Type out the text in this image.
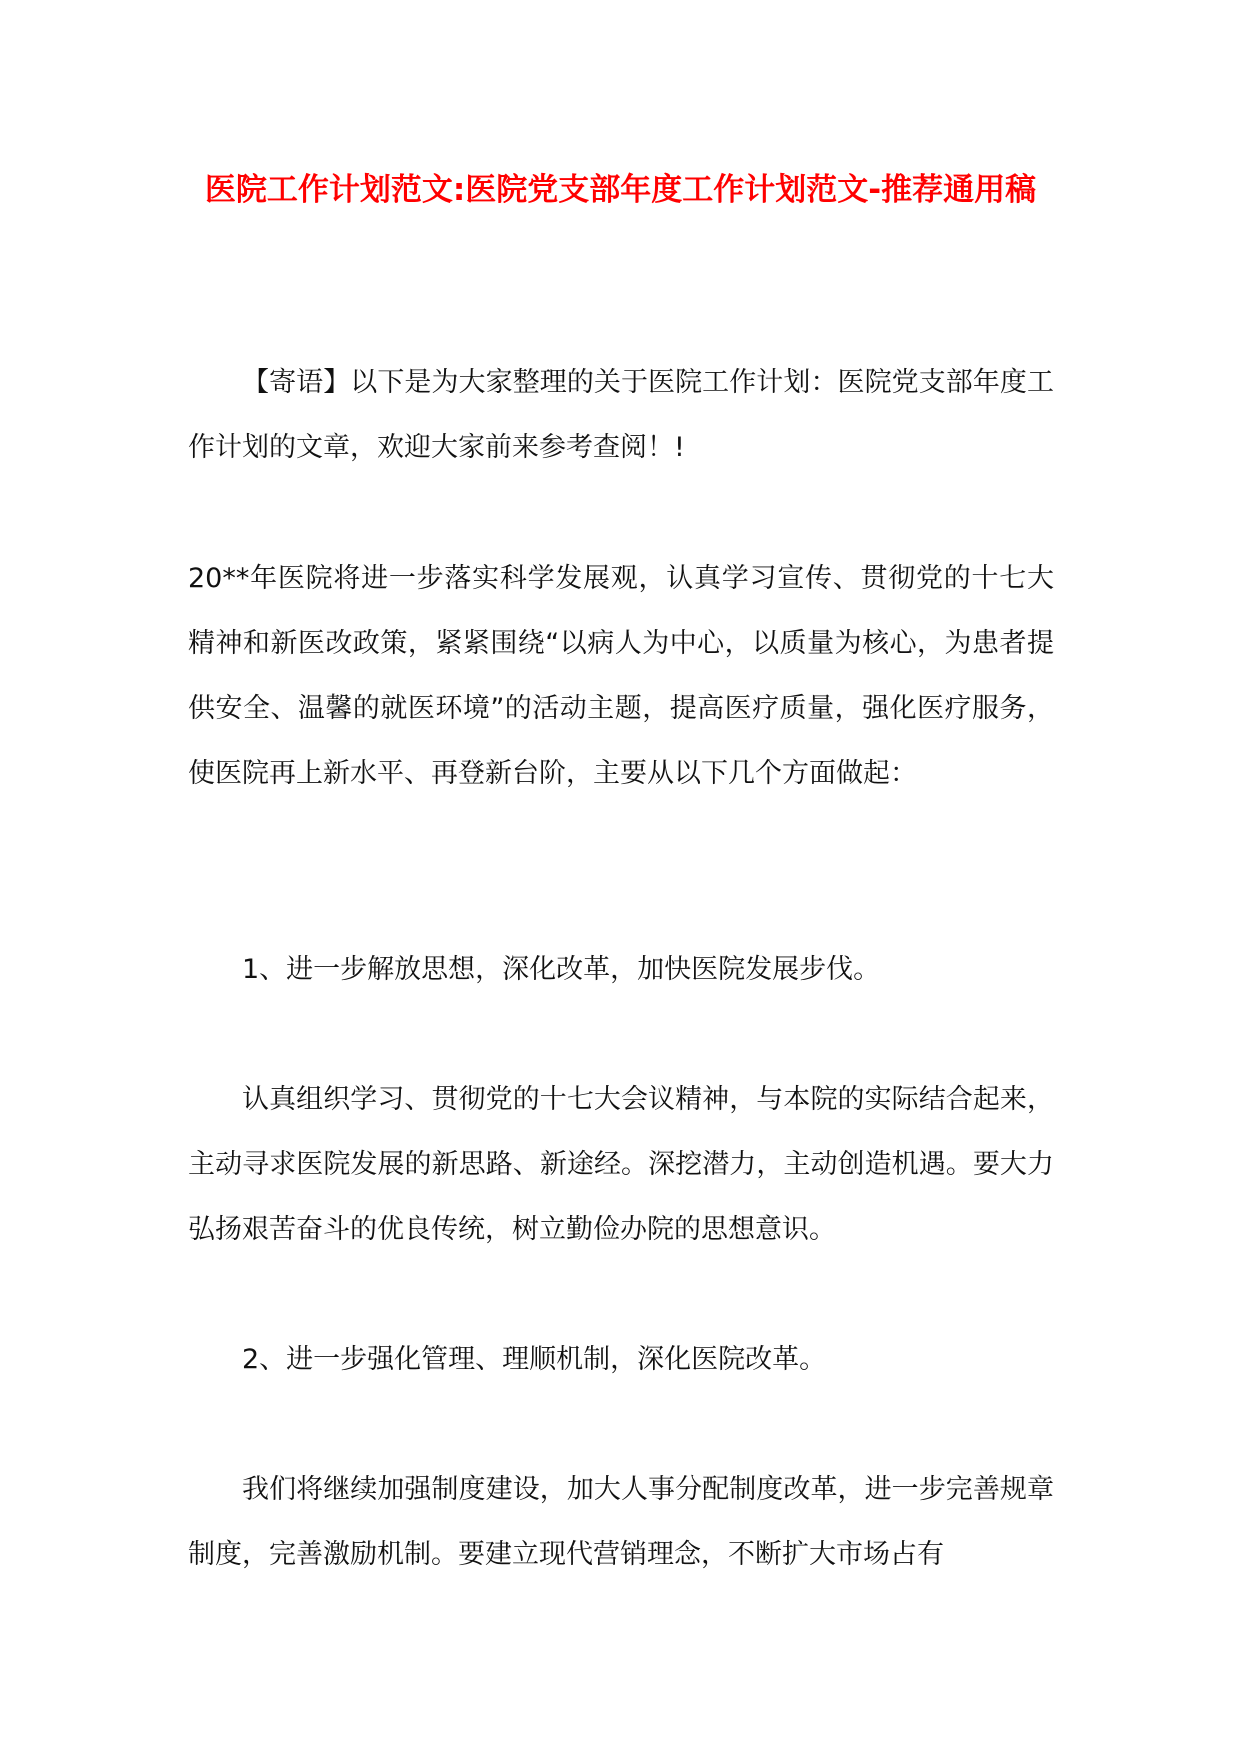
医院工作计划范文:医院党支部年度工作计划范文-推荐通用稿

【寄语】以下是为大家整理的关于医院工作计划：医院党支部年度工作计划的文章，欢迎大家前来参考查阅！!

20**年医院将进一步落实科学发展观，认真学习宣传、贯彻党的十七大精神和新医改政策，紧紧围绕“以病人为中心，以质量为核心，为患者提供安全、温馨的就医环境”的活动主题，提高医疗质量，强化医疗服务，使医院再上新水平、再登新台阶，主要从以下几个方面做起：

1、进一步解放思想，深化改革，加快医院发展步伐。

认真组织学习、贯彻党的十七大会议精神，与本院的实际结合起来，主动寻求医院发展的新思路、新途经。深挖潜力，主动创造机遇。要大力弘扬艰苦奋斗的优良传统，树立勤俭办院的思想意识。

2、进一步强化管理、理顺机制，深化医院改革。

我们将继续加强制度建设，加大人事分配制度改革，进一步完善规章制度，完善激励机制。要建立现代营销理念，不断扩大市场占有
